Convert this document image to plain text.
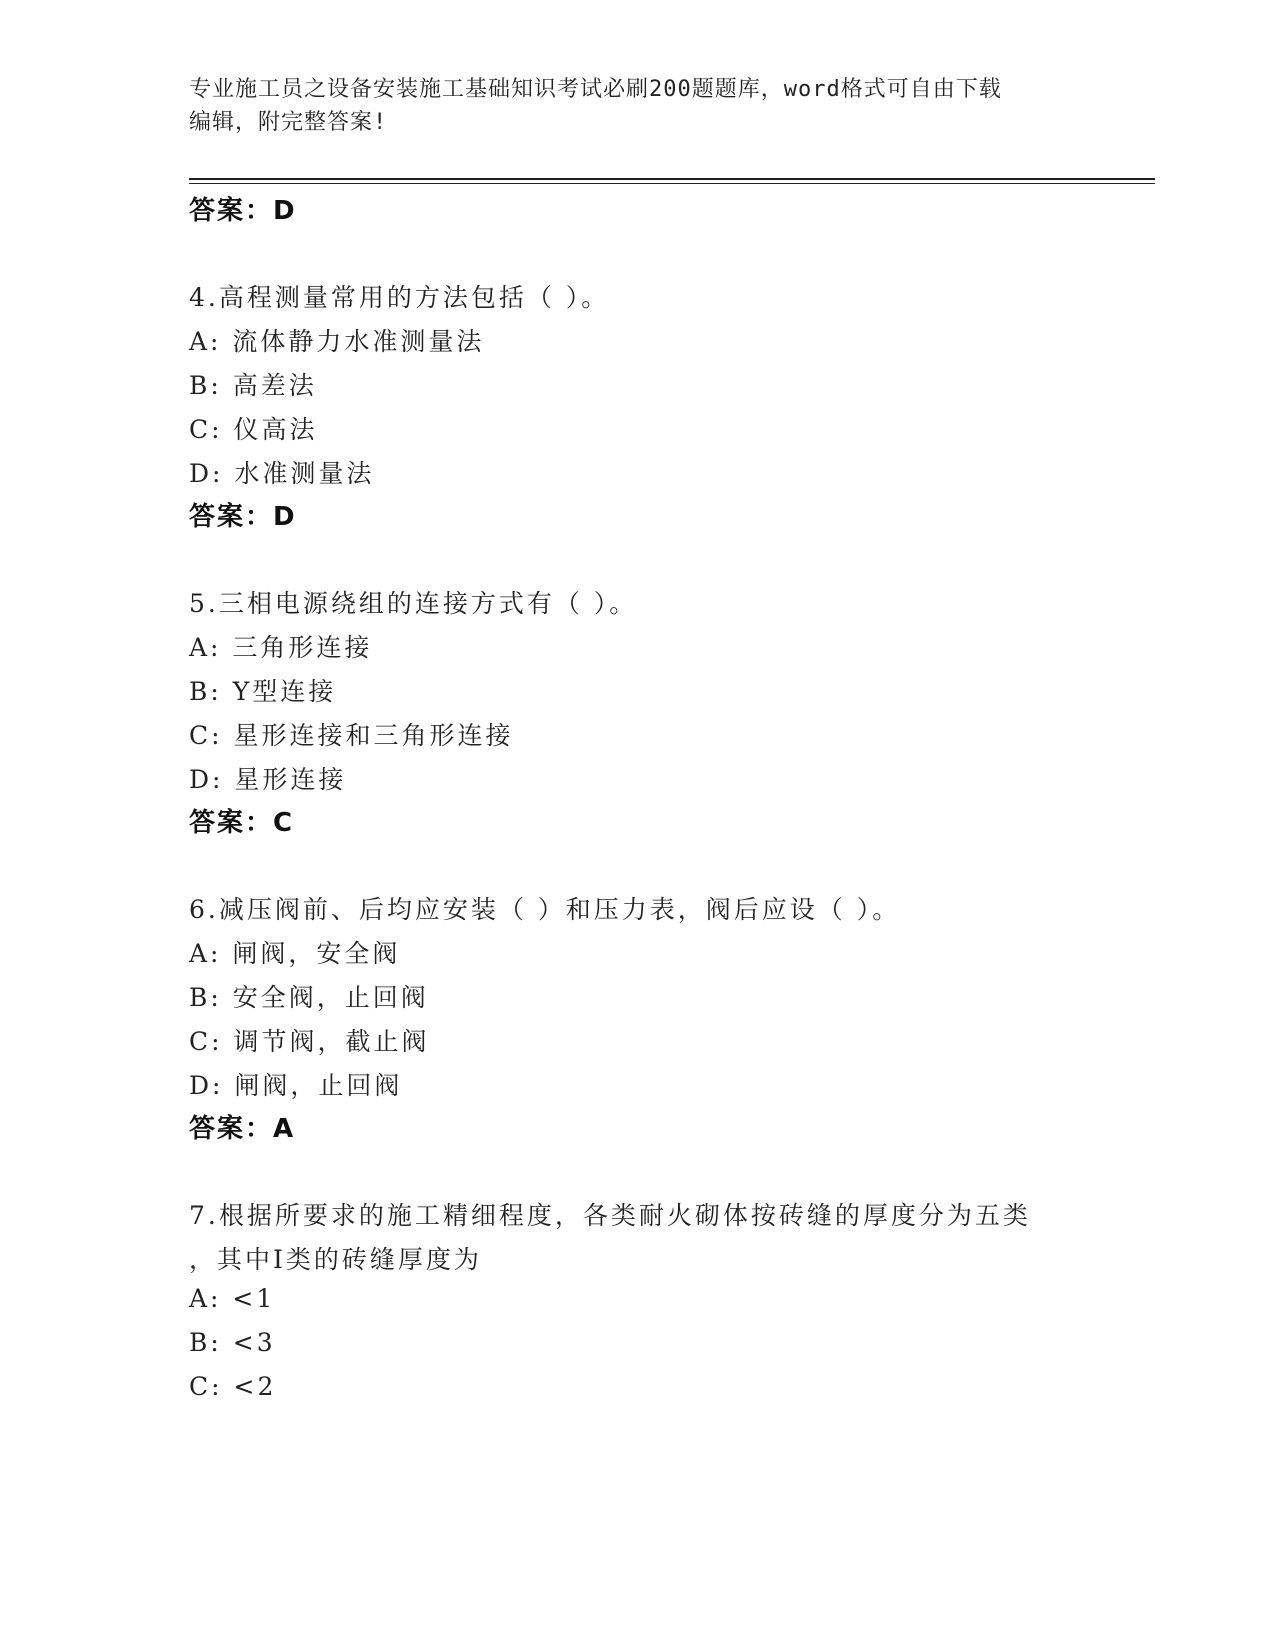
专业施工员之设备安装施工基础知识考试必刷200题题库，word格式可自由下载
编辑，附完整答案!
答案：D
4.高程测量常用的方法包括（ ）。
A: 流体静力水准测量法
B: 高差法
C: 仪高法
D: 水准测量法
答案：D
5.三相电源绕组的连接方式有（ ）。
A: 三角形连接
B: Y型连接
C: 星形连接和三角形连接
D: 星形连接
答案：C
6.减压阀前、后均应安装（ ）和压力表，阀后应设（ ）。
A: 闸阀，安全阀
B: 安全阀，止回阀
C: 调节阀，截止阀
D: 闸阀，止回阀
答案：A
7.根据所要求的施工精细程度，各类耐火砌体按砖缝的厚度分为五类
，其中Ⅰ类的砖缝厚度为
A: <1
B: <3
C: <2
